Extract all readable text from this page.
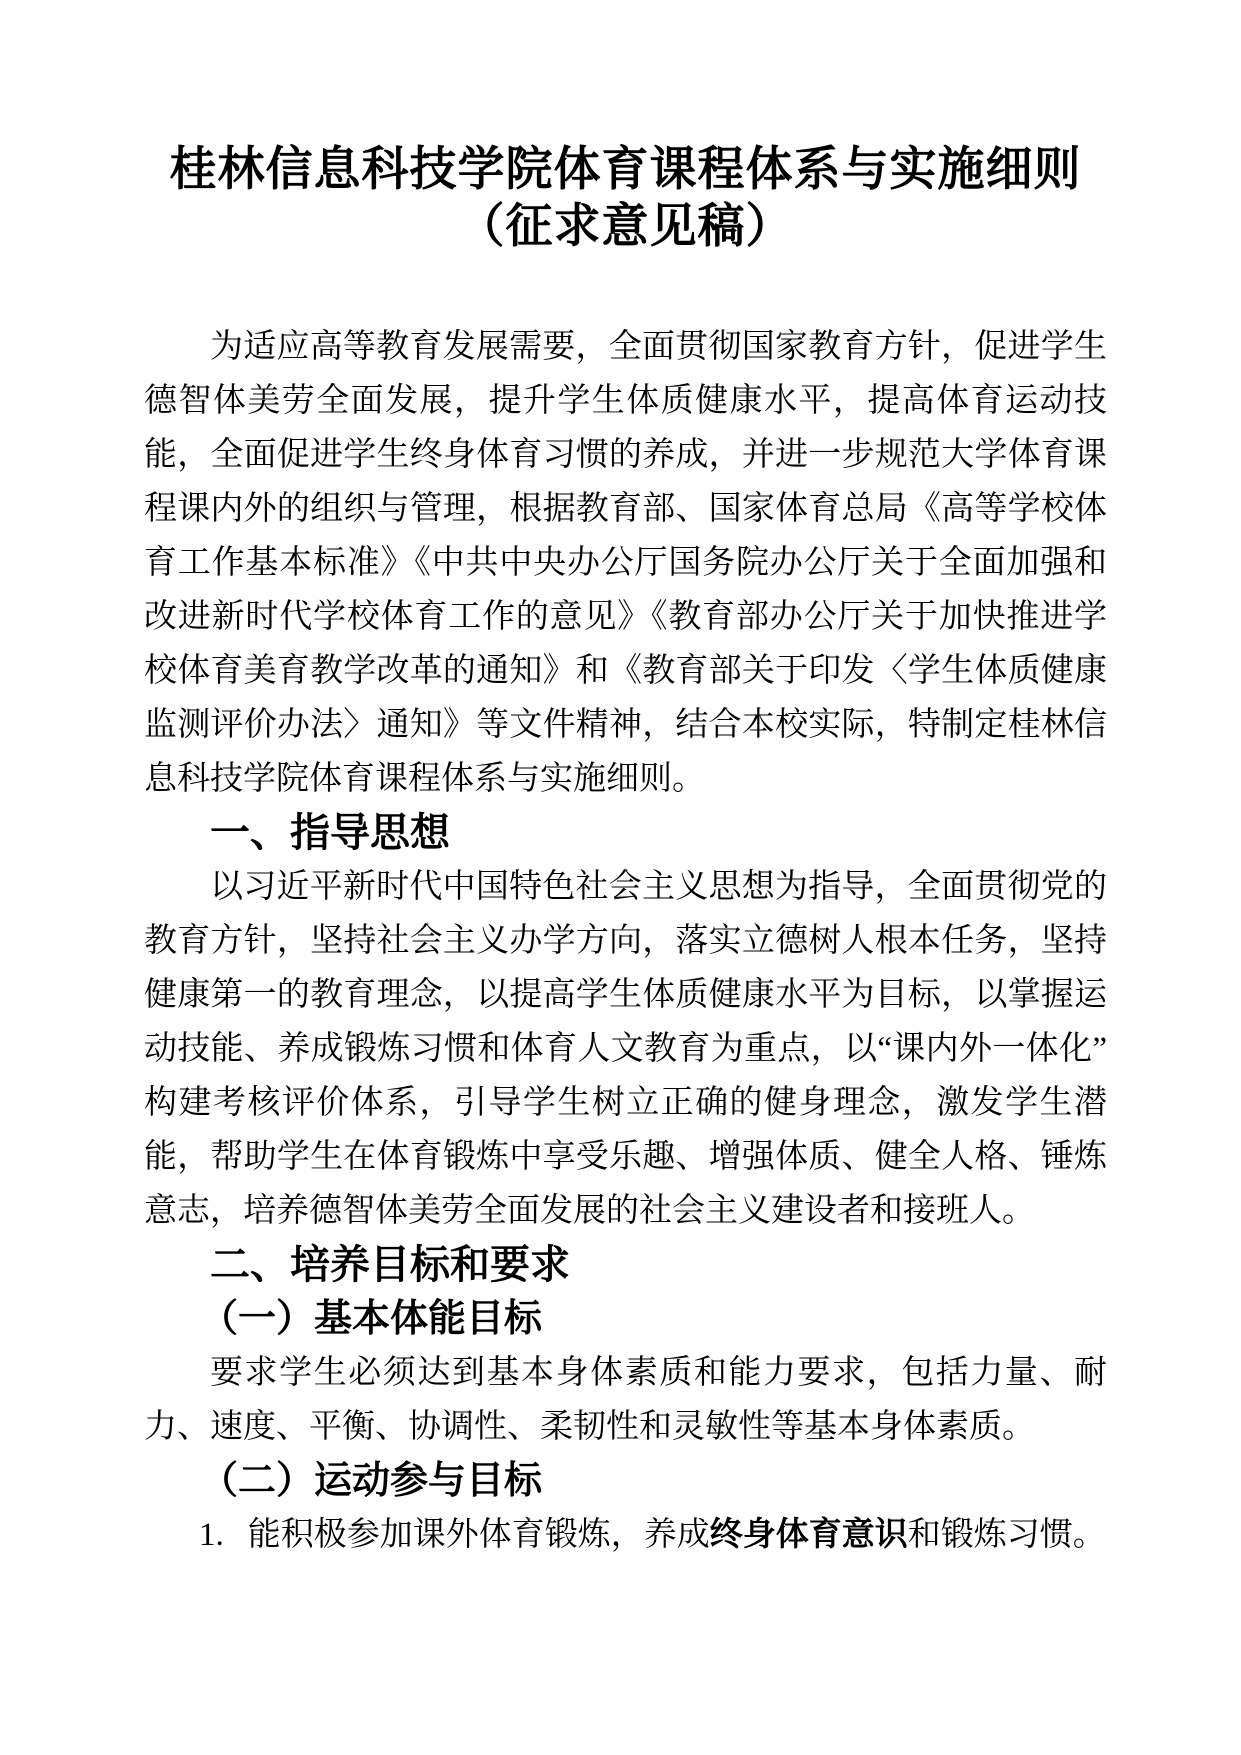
桂林信息科技学院体育课程体系与实施细则
（征求意见稿）

为适应高等教育发展需要，全面贯彻国家教育方针，促进学生德智体美劳全面发展，提升学生体质健康水平，提高体育运动技能，全面促进学生终身体育习惯的养成，并进一步规范大学体育课程课内外的组织与管理，根据教育部、国家体育总局《高等学校体育工作基本标准》《中共中央办公厅国务院办公厅关于全面加强和改进新时代学校体育工作的意见》《教育部办公厅关于加快推进学校体育美育教学改革的通知》和《教育部关于印发〈学生体质健康监测评价办法〉通知》等文件精神，结合本校实际，特制定桂林信息科技学院体育课程体系与实施细则。

一、指导思想

以习近平新时代中国特色社会主义思想为指导，全面贯彻党的教育方针，坚持社会主义办学方向，落实立德树人根本任务，坚持健康第一的教育理念，以提高学生体质健康水平为目标，以掌握运动技能、养成锻炼习惯和体育人文教育为重点，以“课内外一体化”构建考核评价体系，引导学生树立正确的健身理念，激发学生潜能，帮助学生在体育锻炼中享受乐趣、增强体质、健全人格、锤炼意志，培养德智体美劳全面发展的社会主义建设者和接班人。

二、培养目标和要求
（一）基本体能目标

要求学生必须达到基本身体素质和能力要求，包括力量、耐力、速度、平衡、协调性、柔韧性和灵敏性等基本身体素质。

（二）运动参与目标

1. 能积极参加课外体育锻炼，养成终身体育意识和锻炼习惯。
